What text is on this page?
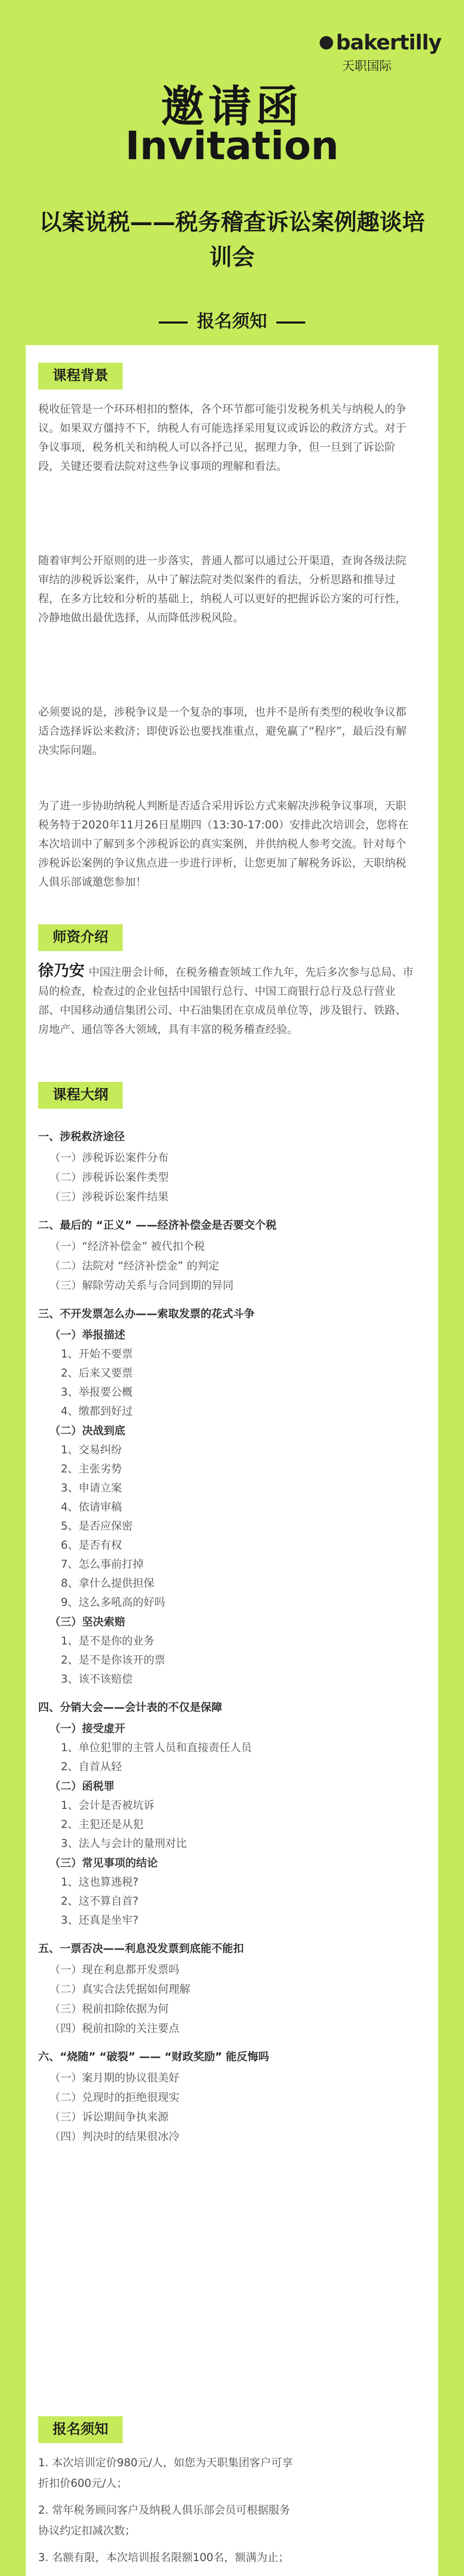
bakertilly
天职国际
邀请函
Invitation
以案说税——税务稽查诉讼案例趣谈培训会
报名须知
课程背景

税收征管是一个环环相扣的整体，各个环节都可能引发税务机关与纳税人的争议。如果双方僵持不下，纳税人有可能选择采用复议或诉讼的救济方式。对于争议事项，税务机关和纳税人可以各抒己见，据理力争，但一旦到了诉讼阶段，关键还要看法院对这些争议事项的理解和看法。

随着审判公开原则的进一步落实，普通人都可以通过公开渠道，查询各级法院审结的涉税诉讼案件，从中了解法院对类似案件的看法，分析思路和推导过程，在多方比较和分析的基础上，纳税人可以更好的把握诉讼方案的可行性，冷静地做出最优选择，从而降低涉税风险。

必须要说的是，涉税争议是一个复杂的事项，也并不是所有类型的税收争议都适合选择诉讼来救济；即使诉讼也要找准重点，避免赢了“程序”，最后没有解决实际问题。

为了进一步协助纳税人判断是否适合采用诉讼方式来解决涉税争议事项，天职税务特于2020年11月26日星期四（13:30-17:00）安排此次培训会，您将在本次培训中了解到多个涉税诉讼的真实案例，并供纳税人参考交流。针对每个涉税诉讼案例的争议焦点进一步进行评析，让您更加了解税务诉讼，天职纳税人俱乐部诚邀您参加！

师资介绍

徐乃安 中国注册会计师，在税务稽查领域工作九年，先后多次参与总局、市局的检查，检查过的企业包括中国银行总行、中国工商银行总行及总行营业部、中国移动通信集团公司、中石油集团在京成员单位等，涉及银行、铁路、房地产、通信等各大领域，具有丰富的税务稽查经验。

课程大纲
一、涉税救济途径
（一）涉税诉讼案件分布
（二）涉税诉讼案件类型
（三）涉税诉讼案件结果
二、最后的 “正义” ——经济补偿金是否要交个税
（一）“经济补偿金” 被代扣个税
（二）法院对 “经济补偿金” 的判定
（三）解除劳动关系与合同到期的异同
三、不开发票怎么办——索取发票的花式斗争
（一）举报描述
1、开始不要票
2、后来又要票
3、举报要公概
4、缴都到好过
（二）决战到底
1、交易纠纷
2、主张劣势
3、申请立案
4、依请审稿
5、是否应保密
6、是否有权
7、怎么事前打掉
8、拿什么提供担保
9、这么多吼高的好吗
（三）坚决索赔
1、是不是你的业务
2、是不是你该开的票
3、该不该赔偿
四、分销大会——会计表的不仅是保障
（一）接受虚开
1、单位犯罪的主管人员和直接责任人员
2、自首从轻
（二）函税罪
1、会计是否被坑诉
2、主犯还是从犯
3、法人与会计的量刑对比
（三）常见事项的结论
1、这也算逃税?
2、这不算自首?
3、还真是坐牢?
五、一票否决——利息没发票到底能不能扣
（一）现在利息都开发票吗
（二）真实合法凭据如何理解
（三）税前扣除依据为何
（四）税前扣除的关注要点
六、“烧随” “破裂” —— “财政奖励” 能反悔吗
（一）案月期的协议很美好
（二）兑现时的拒绝很现实
（三）诉讼期间争执来源
（四）判决时的结果很冰冷
报名须知

1. 本次培训定价980元/人，如您为天职集团客户可享折扣价600元/人；

2. 常年税务顾问客户及纳税人俱乐部会员可根据服务协议约定扣减次数；

3. 名额有限，本次培训报名限额100名，额满为止；
